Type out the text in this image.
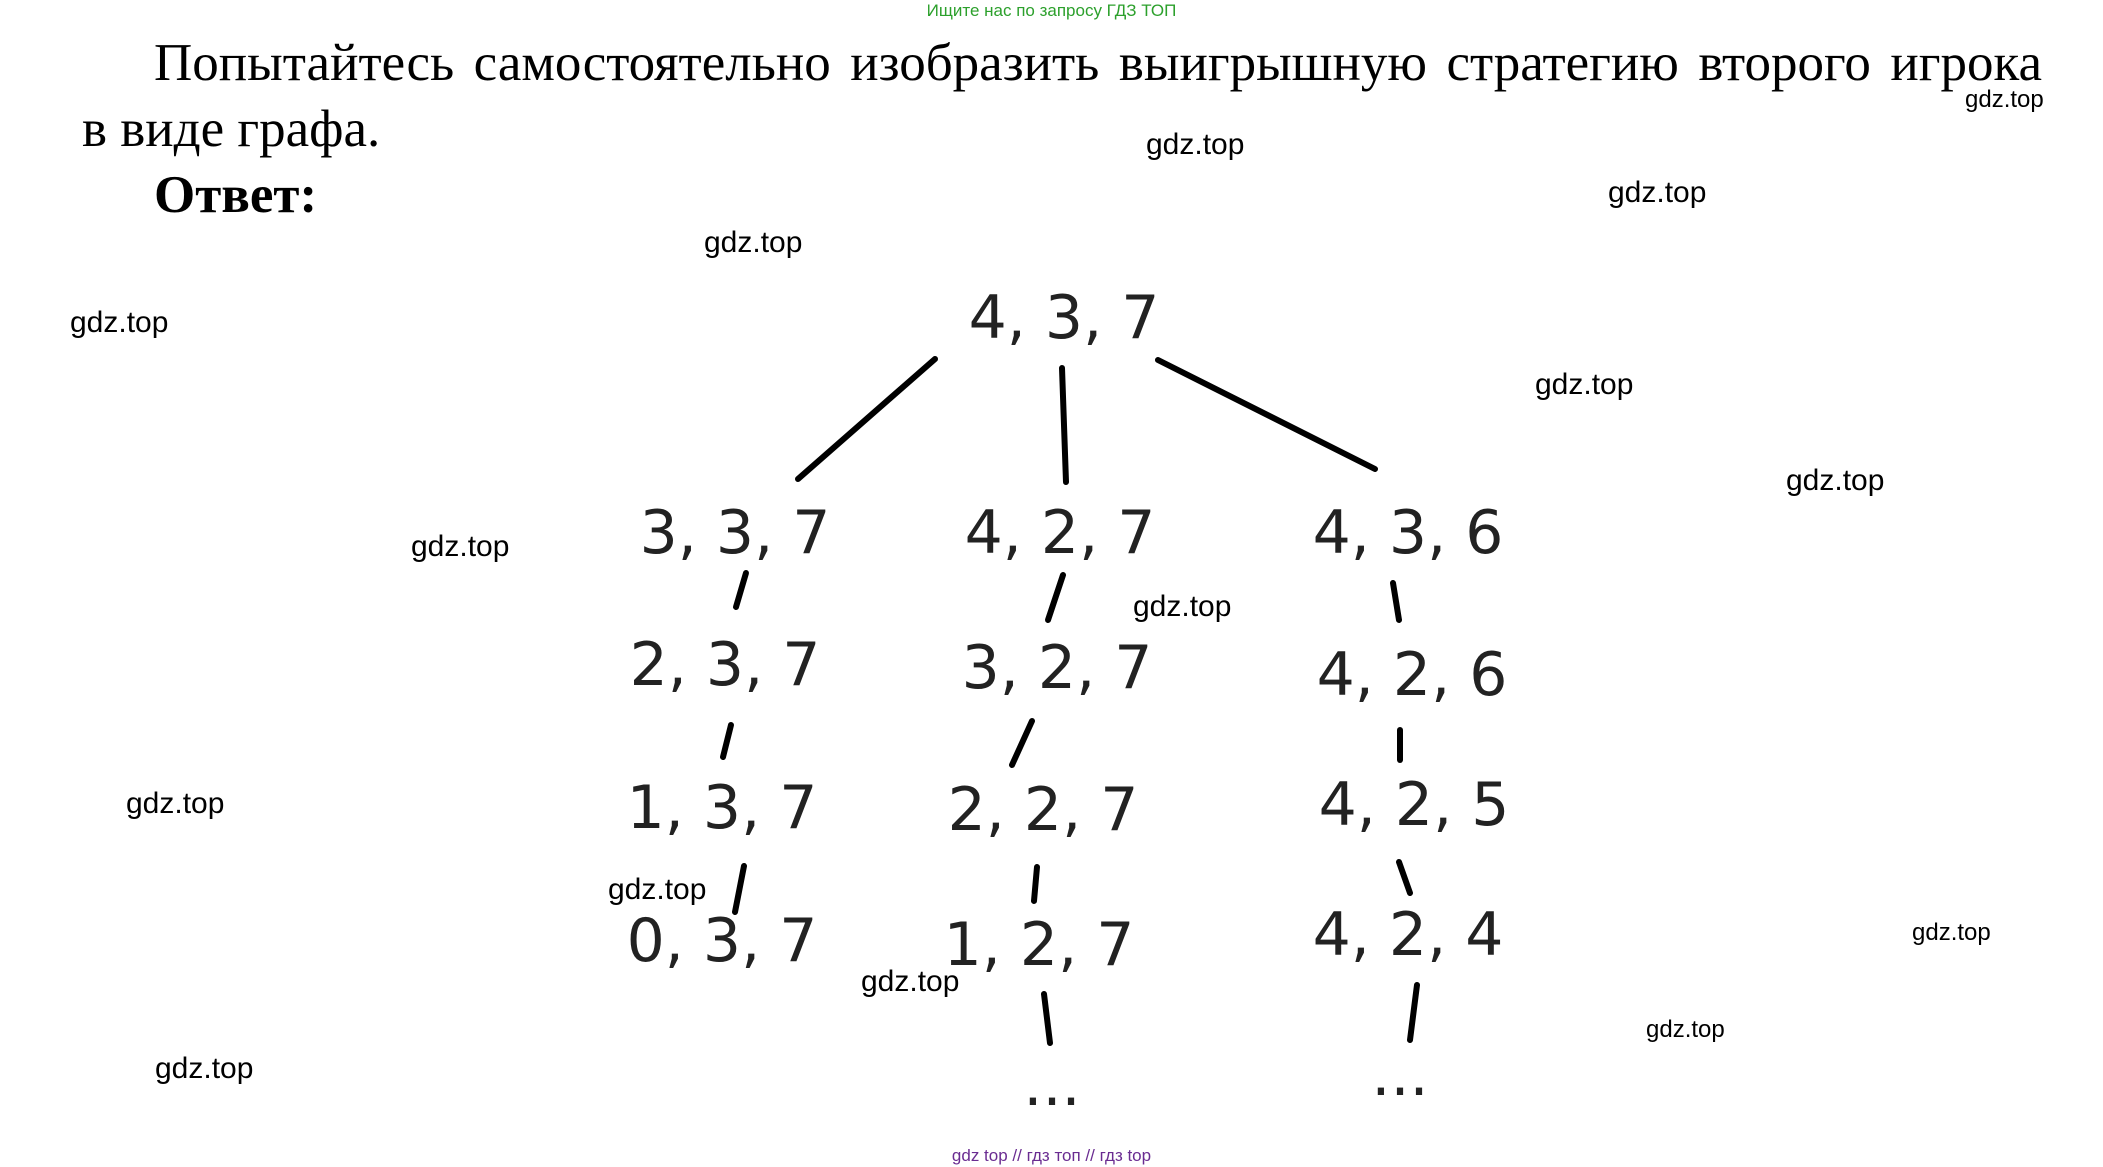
Ищите нас по запросу ГДЗ ТОП
Попытайтесь самостоятельно изобразить выигрышную стратегию второго игрока в виде графа.
Ответ:
gdz.top
gdz.top
gdz.top
gdz.top
gdz.top
gdz.top
gdz.top
gdz.top
gdz.top
gdz.top
gdz.top
gdz.top
gdz.top
gdz.top
gdz.top
4, 3, 7
3, 3, 7
2, 3, 7
1, 3, 7
0, 3, 7
4, 2, 7
3, 2, 7
2, 2, 7
1, 2, 7
...
4, 3, 6
4, 2, 6
4, 2, 5
4, 2, 4
...
gdz top // гдз топ // гдз top
